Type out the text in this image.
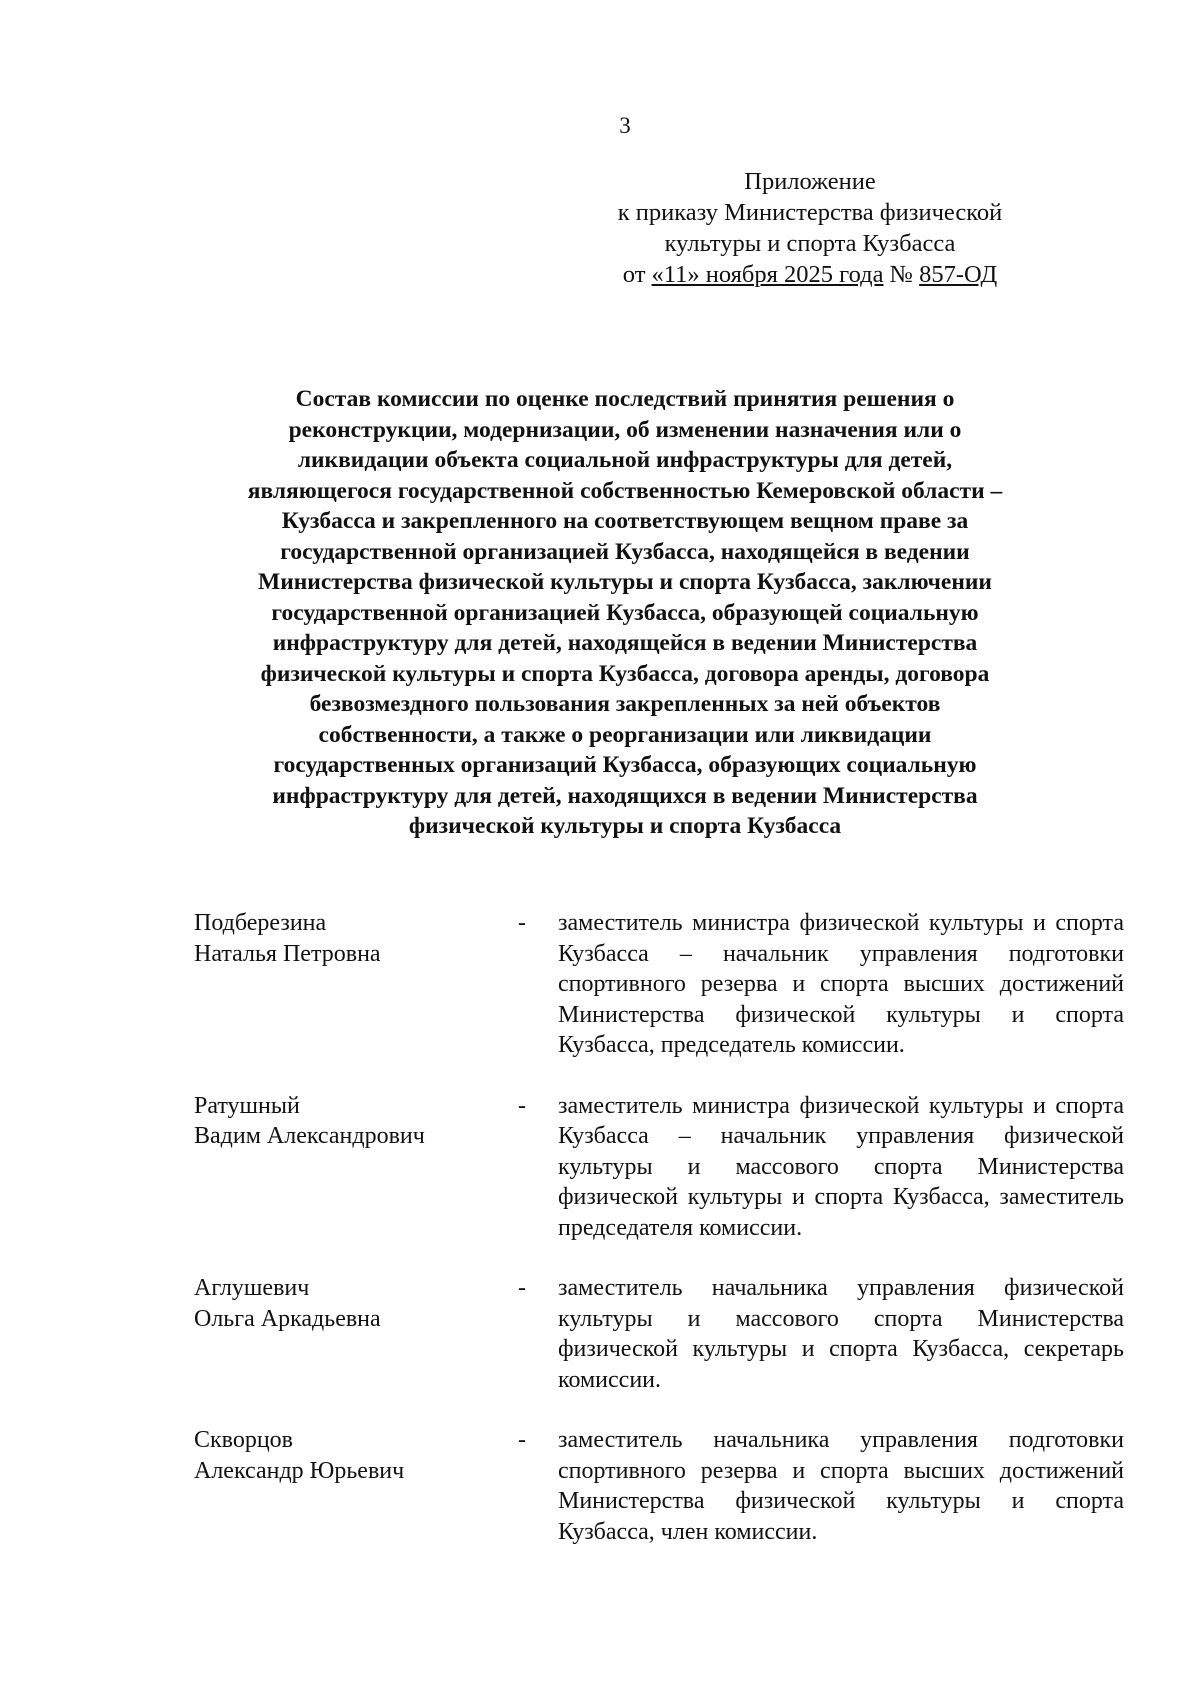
3
Приложение
к приказу Министерства физической
культуры и спорта Кузбасса
от «11» ноября 2025 года № 857-ОД
Состав комиссии по оценке последствий принятия решения о
реконструкции, модернизации, об изменении назначения или о
ликвидации объекта социальной инфраструктуры для детей,
являющегося государственной собственностью Кемеровской области –
Кузбасса и закрепленного на соответствующем вещном праве за
государственной организацией Кузбасса, находящейся в ведении
Министерства физической культуры и спорта Кузбасса, заключении
государственной организацией Кузбасса, образующей социальную
инфраструктуру для детей, находящейся в ведении Министерства
физической культуры и спорта Кузбасса, договора аренды, договора
безвозмездного пользования закрепленных за ней объектов
собственности, а также о реорганизации или ликвидации
государственных организаций Кузбасса, образующих социальную
инфраструктуру для детей, находящихся в ведении Министерства
физической культуры и спорта Кузбасса
Подберезина
Наталья Петровна
-	заместитель министра физической культуры и спорта Кузбасса – начальник управления подготовки спортивного резерва и спорта высших достижений Министерства физической культуры и спорта Кузбасса, председатель комиссии.
Ратушный
Вадим Александрович
-	заместитель министра физической культуры и спорта Кузбасса – начальник управления физической культуры и массового спорта Министерства физической культуры и спорта Кузбасса, заместитель председателя комиссии.
Аглушевич
Ольга Аркадьевна
-	заместитель начальника управления физической культуры и массового спорта Министерства физической культуры и спорта Кузбасса, секретарь комиссии.
Скворцов
Александр Юрьевич
-	заместитель начальника управления подготовки спортивного резерва и спорта высших достижений Министерства физической культуры и спорта Кузбасса, член комиссии.
